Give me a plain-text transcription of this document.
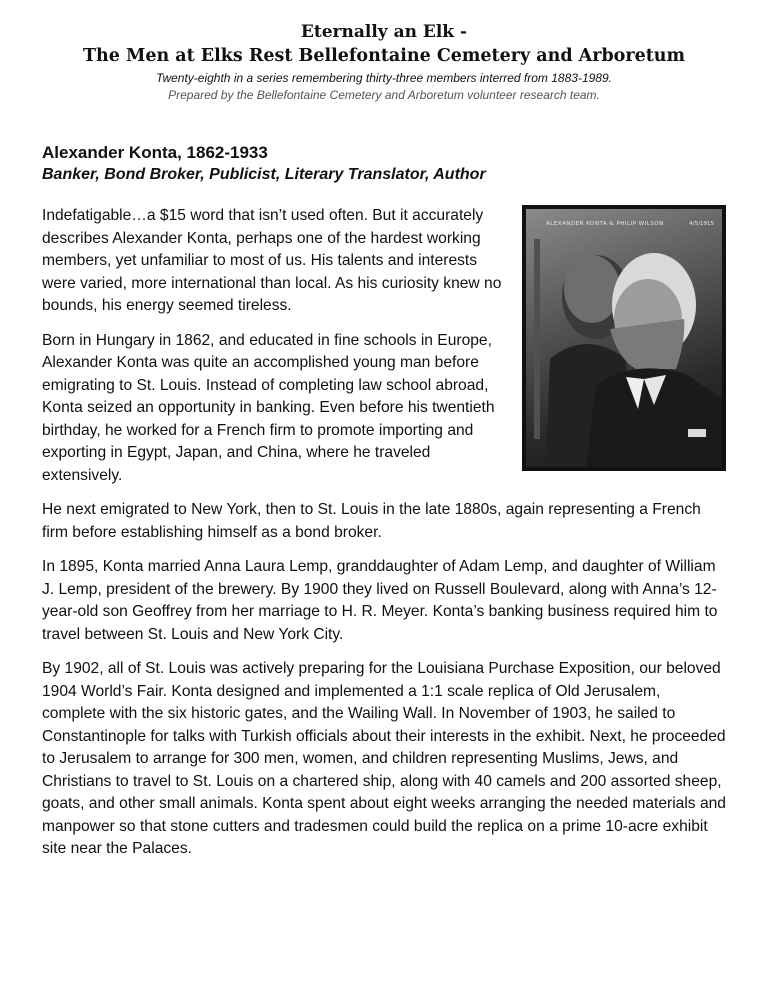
Eternally an Elk -
The Men at Elks Rest Bellefontaine Cemetery and Arboretum
Twenty-eighth in a series remembering thirty-three members interred from 1883-1989.
Prepared by the Bellefontaine Cemetery and Arboretum volunteer research team.
Alexander Konta, 1862-1933
Banker, Bond Broker, Publicist, Literary Translator, Author
ALEXANDER KONTA & PHILIP WILSON	4/5/1915

Indefatigable…a $15 word that isn’t used often. But it accurately describes Alexander Konta, perhaps one of the hardest working members, yet unfamiliar to most of us. His talents and interests were varied, more international than local. As his curiosity knew no bounds, his energy seemed tireless.

Born in Hungary in 1862, and educated in fine schools in Europe, Alexander Konta was quite an accomplished young man before emigrating to St. Louis. Instead of completing law school abroad, Konta seized an opportunity in banking. Even before his twentieth birthday, he worked for a French firm to promote importing and exporting in Egypt, Japan, and China, where he traveled extensively.

He next emigrated to New York, then to St. Louis in the late 1880s, again representing a French firm before establishing himself as a bond broker.

In 1895, Konta married Anna Laura Lemp, granddaughter of Adam Lemp, and daughter of William J. Lemp, president of the brewery. By 1900 they lived on Russell Boulevard, along with Anna’s 12-year-old son Geoffrey from her marriage to H. R. Meyer. Konta’s banking business required him to travel between St. Louis and New York City.

By 1902, all of St. Louis was actively preparing for the Louisiana Purchase Exposition, our beloved 1904 World’s Fair. Konta designed and implemented a 1:1 scale replica of Old Jerusalem, complete with the six historic gates, and the Wailing Wall. In November of 1903, he sailed to Constantinople for talks with Turkish officials about their interests in the exhibit. Next, he proceeded to Jerusalem to arrange for 300 men, women, and children representing Muslims, Jews, and Christians to travel to St. Louis on a chartered ship, along with 40 camels and 200 assorted sheep, goats, and other small animals. Konta spent about eight weeks arranging the needed materials and manpower so that stone cutters and tradesmen could build the replica on a prime 10-acre exhibit site near the Palaces.
